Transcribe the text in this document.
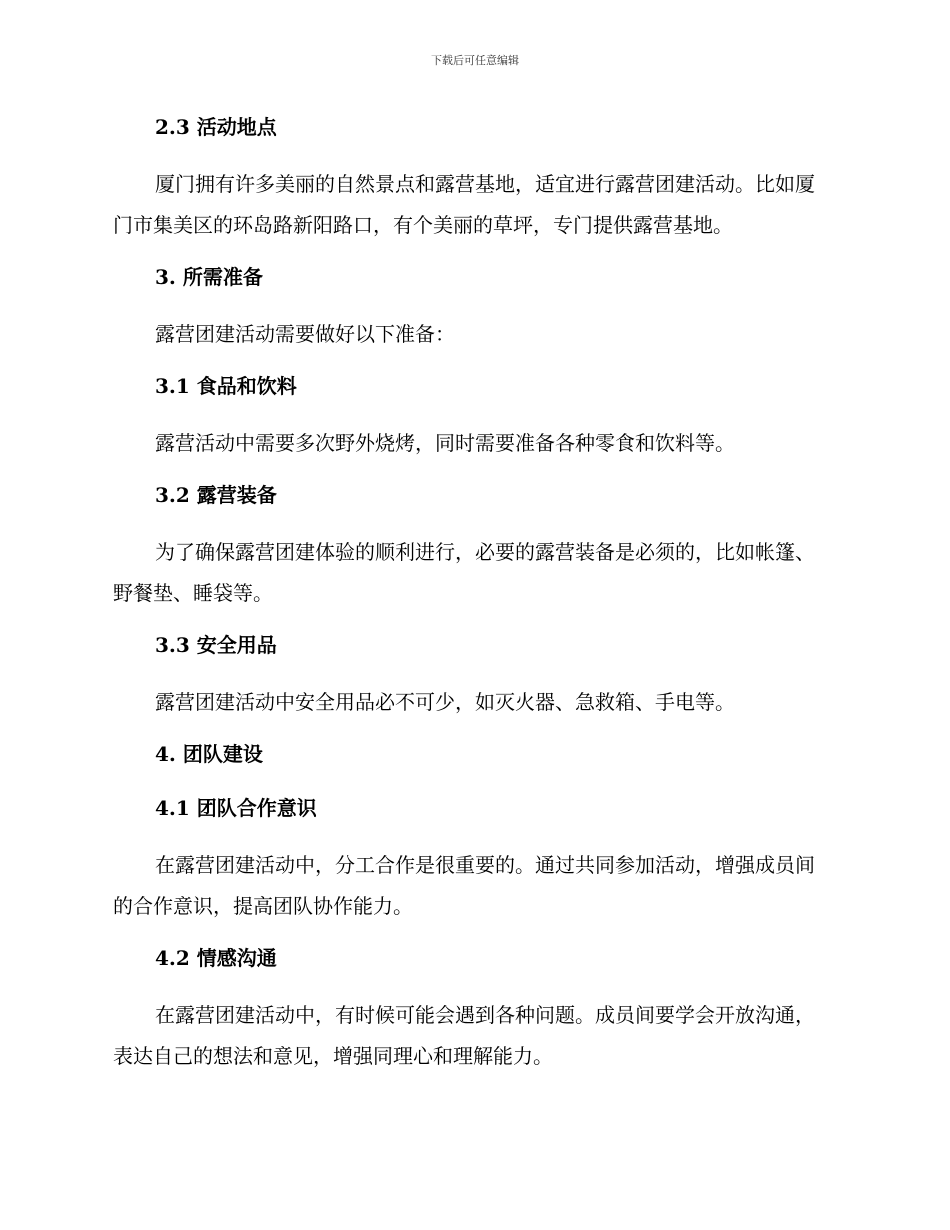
下载后可任意编辑
2.3 活动地点
厦门拥有许多美丽的自然景点和露营基地，适宜进行露营团建活动。比如厦门市集美区的环岛路新阳路口，有个美丽的草坪，专门提供露营基地。
3. 所需准备
露营团建活动需要做好以下准备：
3.1 食品和饮料
露营活动中需要多次野外烧烤，同时需要准备各种零食和饮料等。
3.2 露营装备
为了确保露营团建体验的顺利进行，必要的露营装备是必须的，比如帐篷、野餐垫、睡袋等。
3.3 安全用品
露营团建活动中安全用品必不可少，如灭火器、急救箱、手电等。
4. 团队建设
4.1 团队合作意识
在露营团建活动中，分工合作是很重要的。通过共同参加活动，增强成员间的合作意识，提高团队协作能力。
4.2 情感沟通
在露营团建活动中，有时候可能会遇到各种问题。成员间要学会开放沟通，表达自己的想法和意见，增强同理心和理解能力。
